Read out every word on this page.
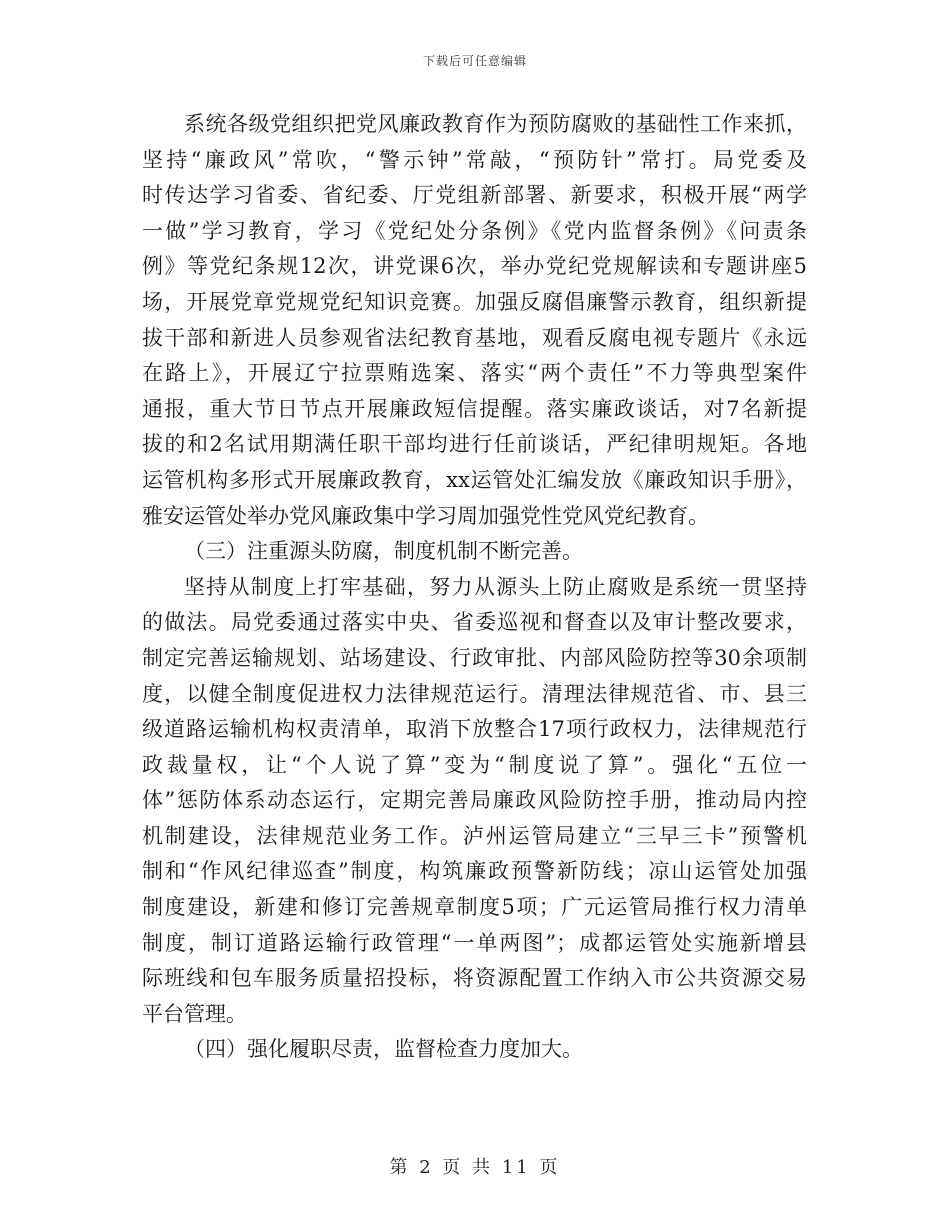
下载后可任意编辑
系统各级党组织把党风廉政教育作为预防腐败的基础性工作来抓，
坚持“廉政风”常吹，“警示钟”常敲，“预防针”常打。局党委及
时传达学习省委、省纪委、厅党组新部署、新要求，积极开展“两学
一做”学习教育，学习《党纪处分条例》《党内监督条例》《问责条
例》等党纪条规12次，讲党课6次，举办党纪党规解读和专题讲座5
场，开展党章党规党纪知识竞赛。加强反腐倡廉警示教育，组织新提
拔干部和新进人员参观省法纪教育基地，观看反腐电视专题片《永远
在路上》，开展辽宁拉票贿选案、落实“两个责任”不力等典型案件
通报，重大节日节点开展廉政短信提醒。落实廉政谈话，对7名新提
拔的和2名试用期满任职干部均进行任前谈话，严纪律明规矩。各地
运管机构多形式开展廉政教育，xx运管处汇编发放《廉政知识手册》，
雅安运管处举办党风廉政集中学习周加强党性党风党纪教育。
（三）注重源头防腐，制度机制不断完善。
坚持从制度上打牢基础，努力从源头上防止腐败是系统一贯坚持
的做法。局党委通过落实中央、省委巡视和督查以及审计整改要求，
制定完善运输规划、站场建设、行政审批、内部风险防控等30余项制
度，以健全制度促进权力法律规范运行。清理法律规范省、市、县三
级道路运输机构权责清单，取消下放整合17项行政权力，法律规范行
政裁量权，让“个人说了算”变为“制度说了算”。强化“五位一
体”惩防体系动态运行，定期完善局廉政风险防控手册，推动局内控
机制建设，法律规范业务工作。泸州运管局建立“三早三卡”预警机
制和“作风纪律巡查”制度，构筑廉政预警新防线；凉山运管处加强
制度建设，新建和修订完善规章制度5项；广元运管局推行权力清单
制度，制订道路运输行政管理“一单两图”；成都运管处实施新增县
际班线和包车服务质量招投标，将资源配置工作纳入市公共资源交易
平台管理。
（四）强化履职尽责，监督检查力度加大。
第 2 页 共 11 页
